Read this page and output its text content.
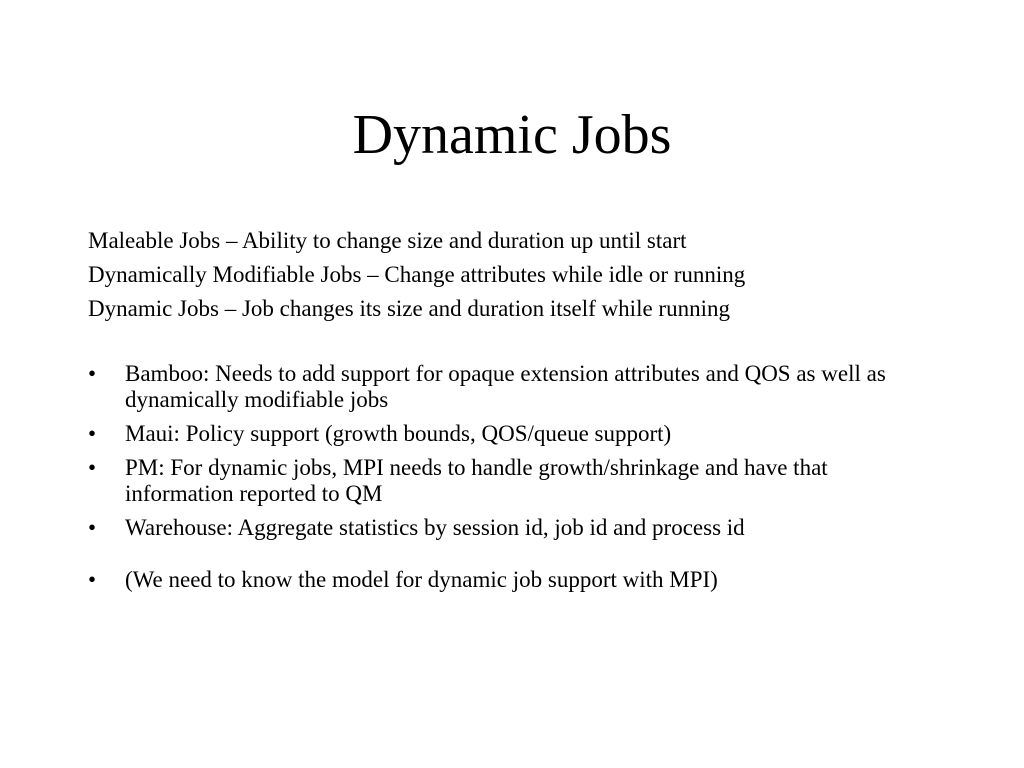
Dynamic Jobs
Maleable Jobs – Ability to change size and duration up until start
Dynamically Modifiable Jobs – Change attributes while idle or running
Dynamic Jobs – Job changes its size and duration itself while running
•	Bamboo: Needs to add support for opaque extension attributes and QOS as well as dynamically modifiable jobs
•	Maui: Policy support (growth bounds, QOS/queue support)
•	PM: For dynamic jobs, MPI needs to handle growth/shrinkage and have that information reported to QM
•	Warehouse: Aggregate statistics by session id, job id and process id
•	(We need to know the model for dynamic job support with MPI)
